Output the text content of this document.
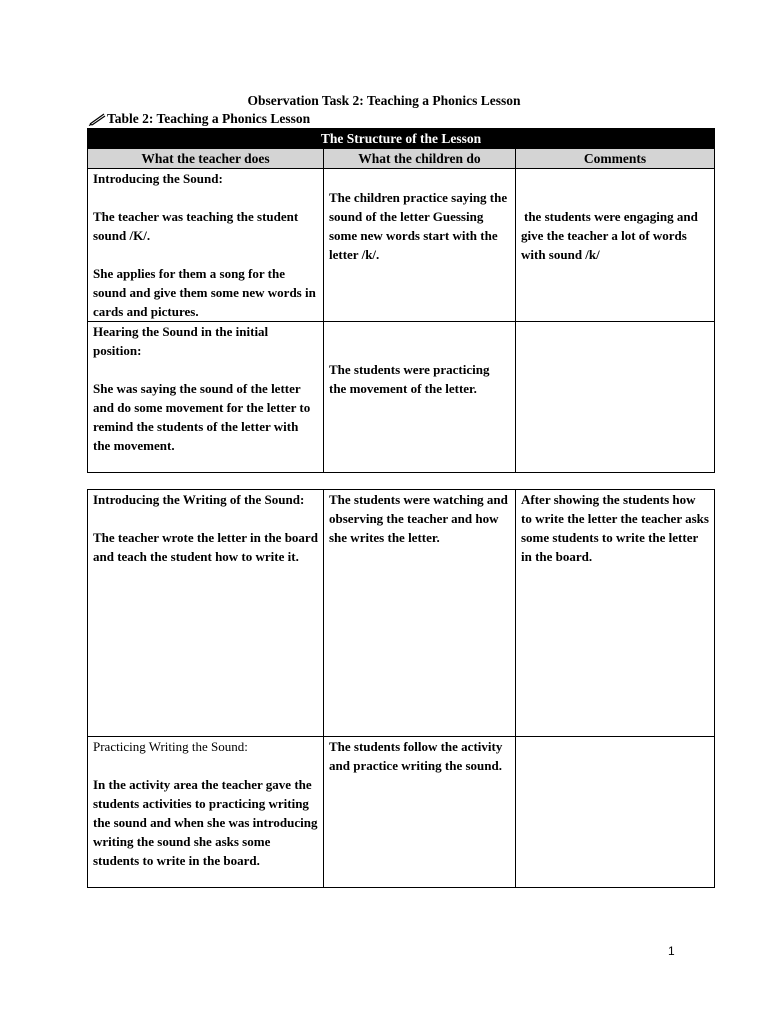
Observation Task 2: Teaching a Phonics Lesson
Table 2: Teaching a Phonics Lesson
The Structure of the Lesson		
What the teacher does	What the children do	Comments

Introducing the Sound:

The teacher was teaching the student sound /K/.

She applies for them a song for the sound and give them some new words in cards and pictures.	The children practice saying the sound of the letter Guessing some new words start with the letter /k/.	the students were engaging and give the teacher a lot of words with sound /k/

Hearing the Sound in the initial position:

She was saying the sound of the letter and do some movement for the letter to remind the students of the letter with the movement.	The students were practicing the movement of the letter.	

Introducing the Writing of the Sound:

The teacher wrote the letter in the board and teach the student how to write it.	The students were watching and observing the teacher and how she writes the letter.	After showing the students how to write the letter the teacher asks some students to write the letter in the board.

Practicing Writing the Sound:

In the activity area the teacher gave the students activities to practicing writing the sound and when she was introducing writing the sound she asks some students to write in the board.	The students follow the activity and practice writing the sound.	

1
